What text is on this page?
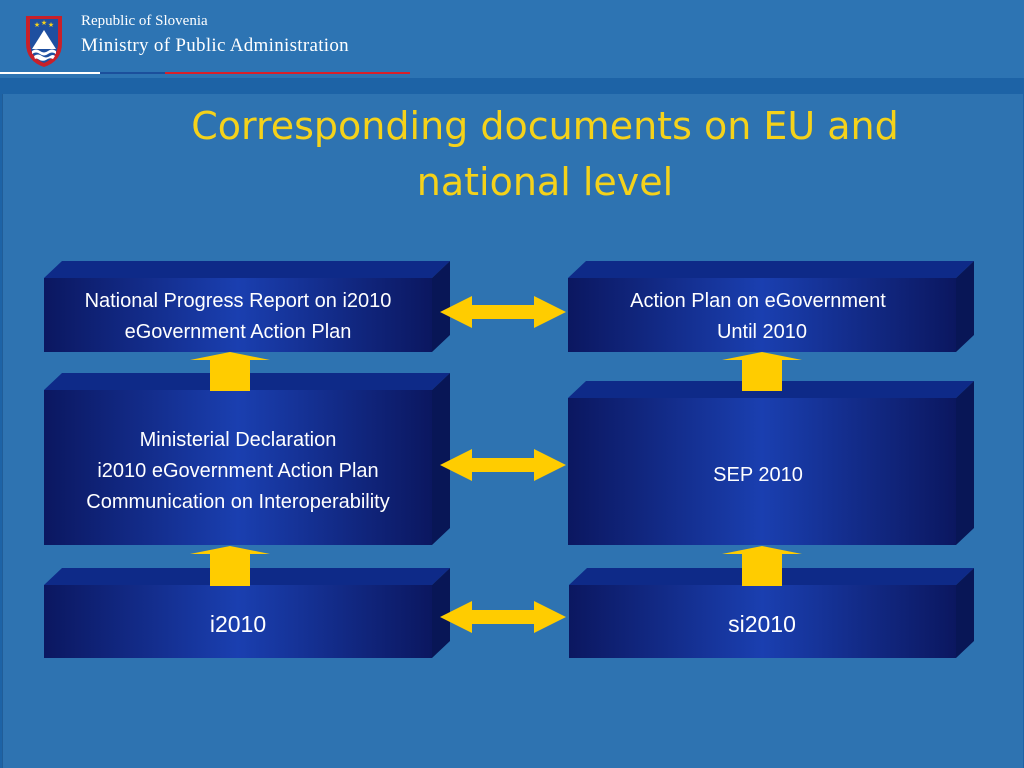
★ ★
★ Republic of Slovenia
Ministry of Public Administration
Corresponding documents on EU and
national level
National Progress Report on i2010
eGovernment Action Plan
Ministerial Declaration
i2010 eGovernment Action Plan
Communication on Interoperability
i2010
Action Plan on eGovernment
Until 2010
SEP 2010
si2010
